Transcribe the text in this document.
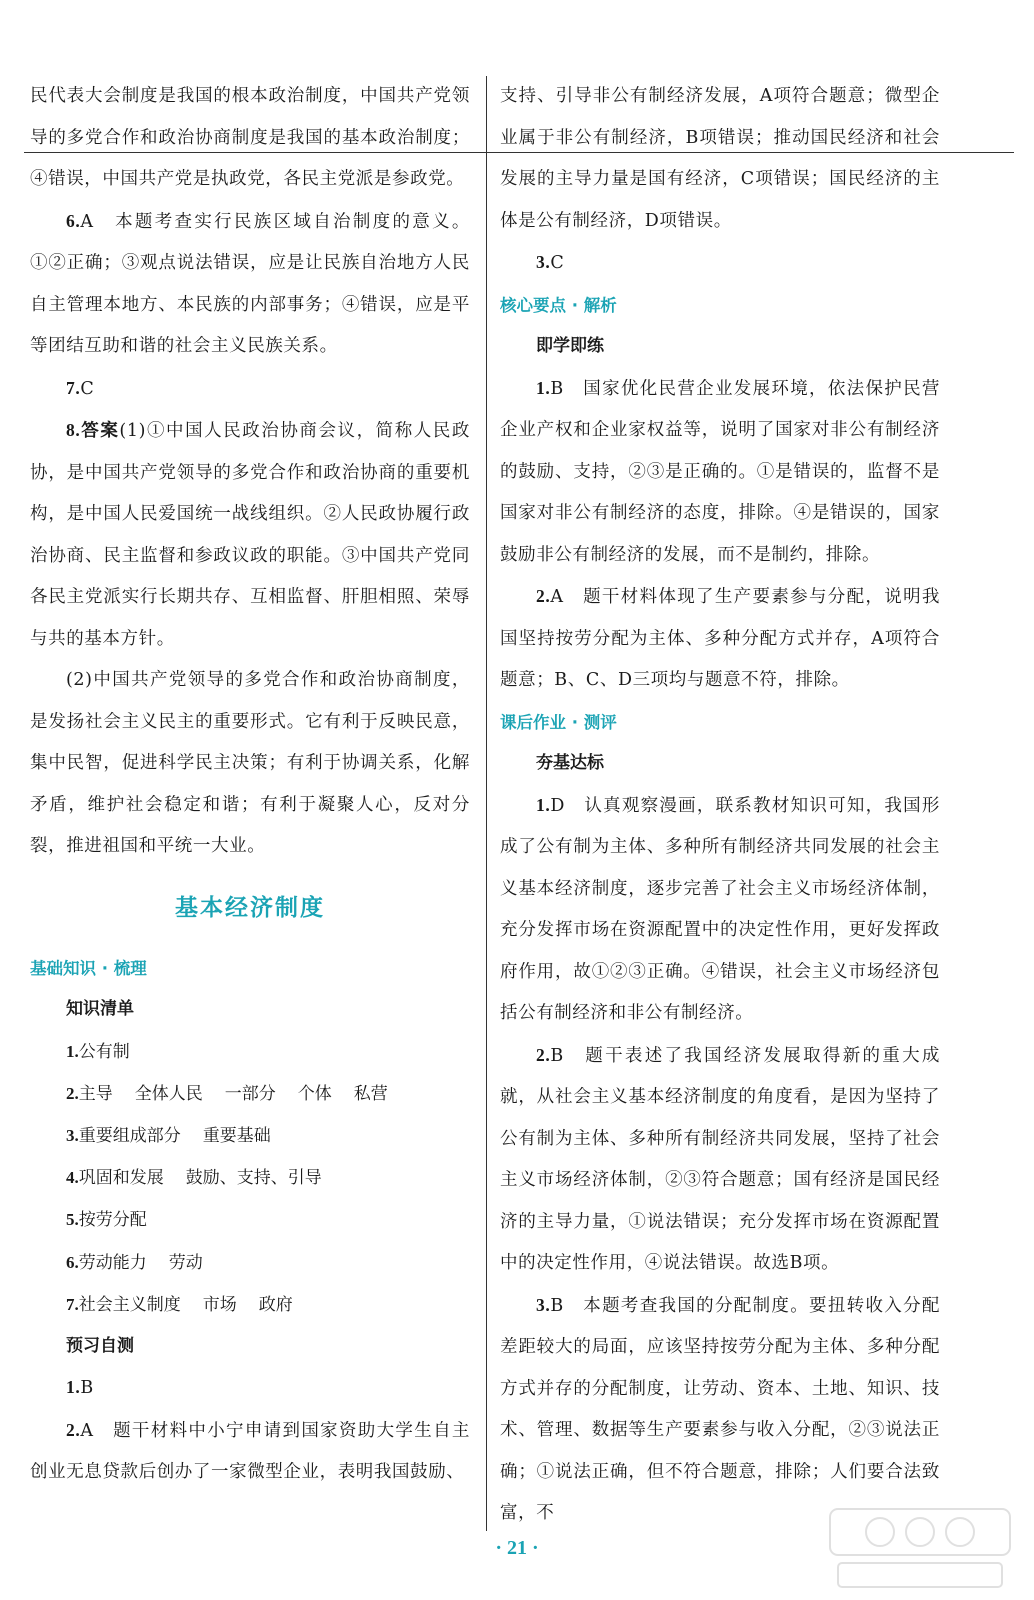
民代表大会制度是我国的根本政治制度，中国共产党领导的多党合作和政治协商制度是我国的基本政治制度；④错误，中国共产党是执政党，各民主党派是参政党。

6.A　本题考查实行民族区域自治制度的意义。①②正确；③观点说法错误，应是让民族自治地方人民自主管理本地方、本民族的内部事务；④错误，应是平等团结互助和谐的社会主义民族关系。

7.C

8.答案(1)①中国人民政治协商会议，简称人民政协，是中国共产党领导的多党合作和政治协商的重要机构，是中国人民爱国统一战线组织。②人民政协履行政治协商、民主监督和参政议政的职能。③中国共产党同各民主党派实行长期共存、互相监督、肝胆相照、荣辱与共的基本方针。

(2)中国共产党领导的多党合作和政治协商制度，是发扬社会主义民主的重要形式。它有利于反映民意，集中民智，促进科学民主决策；有利于协调关系，化解矛盾，维护社会稳定和谐；有利于凝聚人心，反对分裂，推进祖国和平统一大业。

基本经济制度

基础知识 · 梳理

知识清单

1.公有制

2.主导 全体人民 一部分 个体 私营

3.重要组成部分 重要基础

4.巩固和发展 鼓励、支持、引导

5.按劳分配

6.劳动能力 劳动

7.社会主义制度 市场 政府

预习自测

1.B

2.A　题干材料中小宁申请到国家资助大学生自主创业无息贷款后创办了一家微型企业，表明我国鼓励、

支持、引导非公有制经济发展，A项符合题意；微型企业属于非公有制经济，B项错误；推动国民经济和社会发展的主导力量是国有经济，C项错误；国民经济的主体是公有制经济，D项错误。

3.C

核心要点 · 解析

即学即练

1.B　国家优化民营企业发展环境，依法保护民营企业产权和企业家权益等，说明了国家对非公有制经济的鼓励、支持，②③是正确的。①是错误的，监督不是国家对非公有制经济的态度，排除。④是错误的，国家鼓励非公有制经济的发展，而不是制约，排除。

2.A　题干材料体现了生产要素参与分配，说明我国坚持按劳分配为主体、多种分配方式并存，A项符合题意；B、C、D三项均与题意不符，排除。

课后作业 · 测评

夯基达标

1.D　认真观察漫画，联系教材知识可知，我国形成了公有制为主体、多种所有制经济共同发展的社会主义基本经济制度，逐步完善了社会主义市场经济体制，充分发挥市场在资源配置中的决定性作用，更好发挥政府作用，故①②③正确。④错误，社会主义市场经济包括公有制经济和非公有制经济。

2.B　题干表述了我国经济发展取得新的重大成就，从社会主义基本经济制度的角度看，是因为坚持了公有制为主体、多种所有制经济共同发展，坚持了社会主义市场经济体制，②③符合题意；国有经济是国民经济的主导力量，①说法错误；充分发挥市场在资源配置中的决定性作用，④说法错误。故选B项。

3.B　本题考查我国的分配制度。要扭转收入分配差距较大的局面，应该坚持按劳分配为主体、多种分配方式并存的分配制度，让劳动、资本、土地、知识、技术、管理、数据等生产要素参与收入分配，②③说法正确；①说法正确，但不符合题意，排除；人们要合法致富，不

· 21 ·
